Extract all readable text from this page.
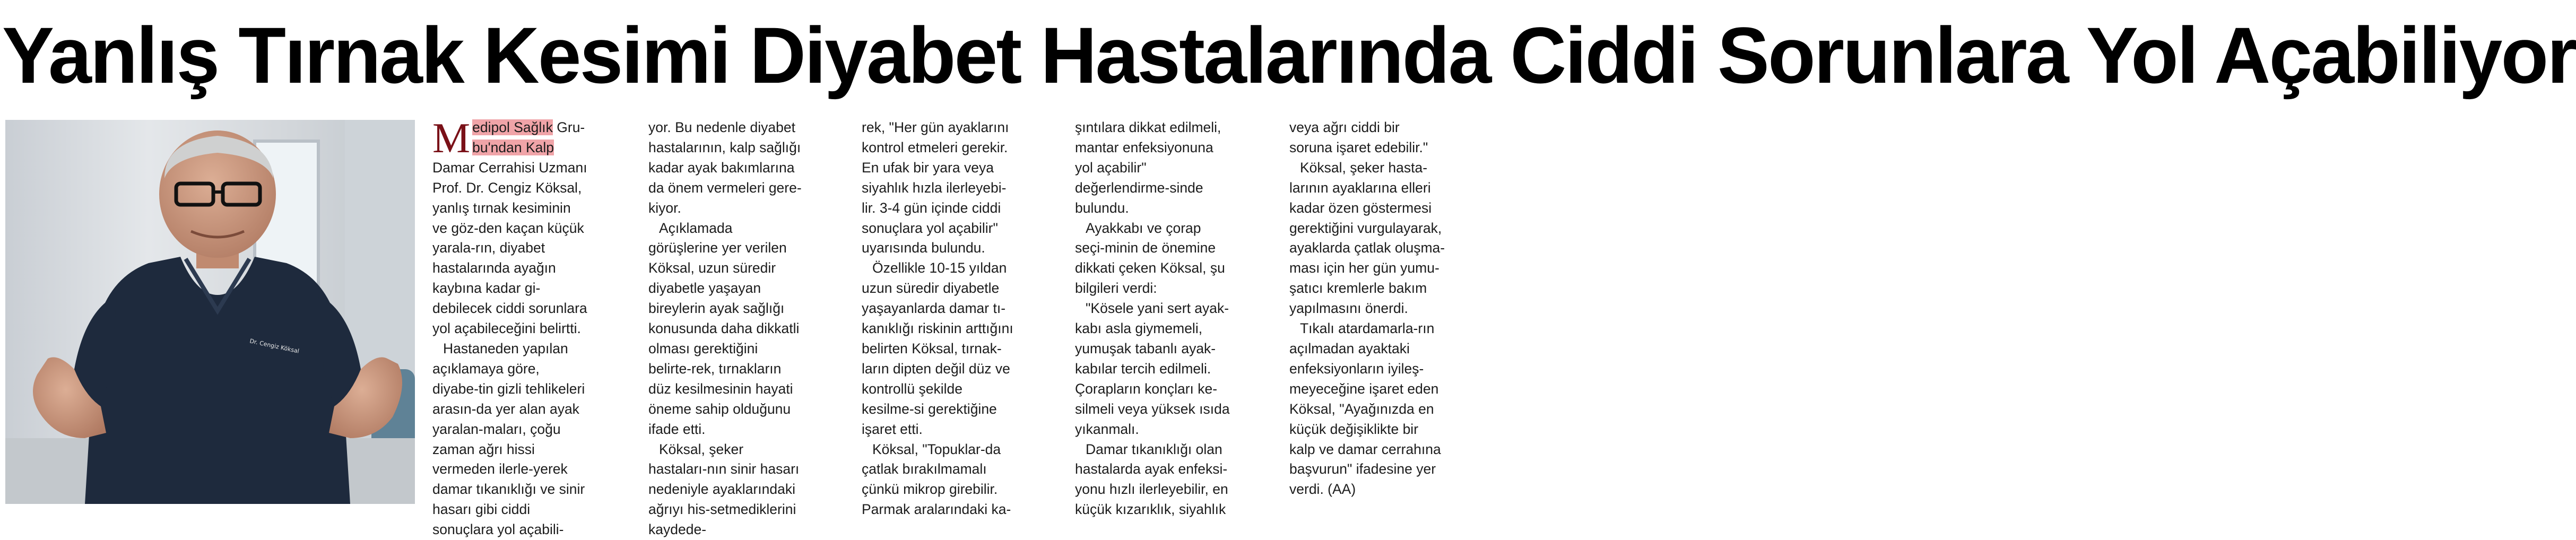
Yanlış Tırnak Kesimi Diyabet Hastalarında Ciddi Sorunlara Yol Açabiliyor
Dr. Cengiz Köksal

Medipol Sağlık Gru-
bu'ndan Kalp Damar Cerrahisi Uzmanı Prof. Dr. Cengiz Köksal, yanlış tırnak kesiminin ve göz-den kaçan küçük yarala-rın, diyabet hastalarında ayağın kaybına kadar gi-debilecek ciddi sorunlara yol açabileceğini belirtti.

Hastaneden yapılan açıklamaya göre, diyabe-tin gizli tehlikeleri arasın-da yer alan ayak yaralan-maları, çoğu zaman ağrı hissi vermeden ilerle-yerek damar tıkanıklığı ve sinir hasarı gibi ciddi sonuçlara yol açabili-

yor. Bu nedenle diyabet hastalarının, kalp sağlığı kadar ayak bakımlarına da önem vermeleri gere-kiyor.

Açıklamada görüşlerine yer verilen Köksal, uzun süredir diyabetle yaşayan bireylerin ayak sağlığı konusunda daha dikkatli olması gerektiğini belirte-rek, tırnakların düz kesilmesinin hayati öneme sahip olduğunu ifade etti.

Köksal, şeker hastaları-nın sinir hasarı nedeniyle ayaklarındaki ağrıyı his-setmediklerini kaydede-

rek, "Her gün ayaklarını kontrol etmeleri gerekir. En ufak bir yara veya siyahlık hızla ilerleyebi-lir. 3-4 gün içinde ciddi sonuçlara yol açabilir" uyarısında bulundu.

Özellikle 10-15 yıldan uzun süredir diyabetle yaşayanlarda damar tı-kanıklığı riskinin arttığını belirten Köksal, tırnak-ların dipten değil düz ve kontrollü şekilde kesilme-si gerektiğine işaret etti.

Köksal, "Topuklar-da çatlak bırakılmamalı çünkü mikrop girebilir. Parmak aralarındaki ka-

şıntılara dikkat edilmeli, mantar enfeksiyonuna yol açabilir" değerlendirme-sinde bulundu.

Ayakkabı ve çorap seçi-minin de önemine dikkati çeken Köksal, şu bilgileri verdi:

"Kösele yani sert ayak-kabı asla giymemeli, yumuşak tabanlı ayak-kabılar tercih edilmeli. Çorapların konçları ke-silmeli veya yüksek ısıda yıkanmalı.

Damar tıkanıklığı olan hastalarda ayak enfeksi-yonu hızlı ilerleyebilir, en küçük kızarıklık, siyahlık

veya ağrı ciddi bir soruna işaret edebilir."

Köksal, şeker hasta-larının ayaklarına elleri kadar özen göstermesi gerektiğini vurgulayarak, ayaklarda çatlak oluşma-ması için her gün yumu-şatıcı kremlerle bakım yapılmasını önerdi.

Tıkalı atardamarla-rın açılmadan ayaktaki enfeksiyonların iyileş-meyeceğine işaret eden Köksal, "Ayağınızda en küçük değişiklikte bir kalp ve damar cerrahına başvurun" ifadesine yer verdi. (AA)
